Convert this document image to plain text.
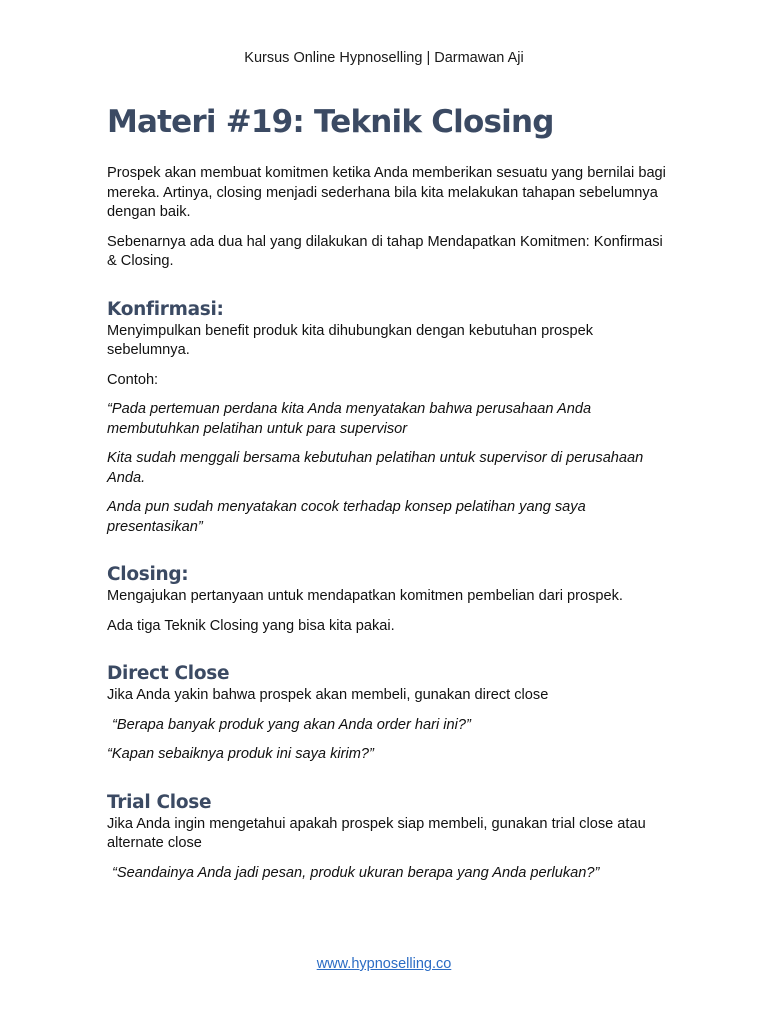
Kursus Online Hypnoselling | Darmawan Aji
Materi #19: Teknik Closing

Prospek akan membuat komitmen ketika Anda memberikan sesuatu yang bernilai bagi mereka. Artinya, closing menjadi sederhana bila kita melakukan tahapan sebelumnya dengan baik.

Sebenarnya ada dua hal yang dilakukan di tahap Mendapatkan Komitmen: Konfirmasi & Closing.

Konfirmasi:

Menyimpulkan benefit produk kita dihubungkan dengan kebutuhan prospek sebelumnya.

Contoh:

“Pada pertemuan perdana kita Anda menyatakan bahwa perusahaan Anda membutuhkan pelatihan untuk para supervisor

Kita sudah menggali bersama kebutuhan pelatihan untuk supervisor di perusahaan Anda.

Anda pun sudah menyatakan cocok terhadap konsep pelatihan yang saya presentasikan”

Closing:

Mengajukan pertanyaan untuk mendapatkan komitmen pembelian dari prospek.

Ada tiga Teknik Closing yang bisa kita pakai.

Direct Close

Jika Anda yakin bahwa prospek akan membeli, gunakan direct close

“Berapa banyak produk yang akan Anda order hari ini?”

“Kapan sebaiknya produk ini saya kirim?”

Trial Close

Jika Anda ingin mengetahui apakah prospek siap membeli, gunakan trial close atau alternate close

“Seandainya Anda jadi pesan, produk ukuran berapa yang Anda perlukan?”

www.hypnoselling.co
